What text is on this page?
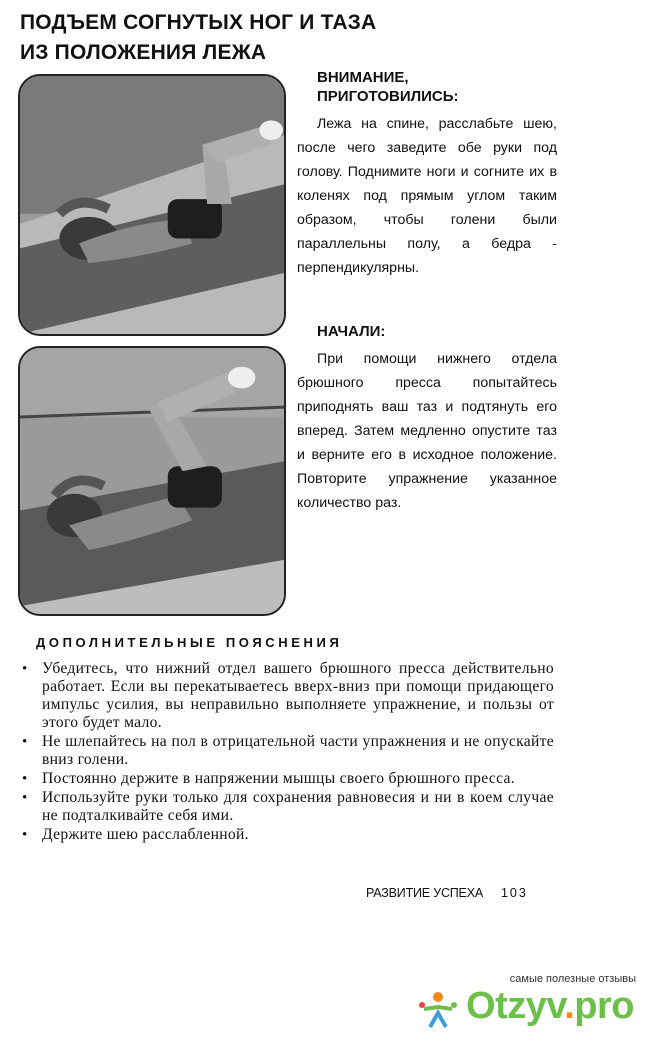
ПОДЪЕМ СОГНУТЫХ НОГ И ТАЗА
ИЗ ПОЛОЖЕНИЯ ЛЕЖА
ВНИМАНИЕ,
ПРИГОТОВИЛИСЬ:

Лежа на спине, расслабьте шею, после чего заведите обе руки под голову. Поднимите ноги и согните их в коленях под прямым углом таким образом, чтобы голени были параллельны полу, а бедра - перпендикулярны.

НАЧАЛИ:

При помощи нижнего отдела брюшного пресса попытайтесь приподнять ваш таз и подтянуть его вперед. Затем медленно опустите таз и верните его в исходное положение. Повторите упражнение указанное количество раз.

ДОПОЛНИТЕЛЬНЫЕ ПОЯСНЕНИЯ
• Убедитесь, что нижний отдел вашего брюшного пресса действительно работает. Если вы перекатываетесь вверх-вниз при помощи придающего импульс усилия, вы неправильно выполняете упражнение, и пользы от этого будет мало.
• Не шлепайтесь на пол в отрицательной части упражнения и не опускайте вниз голени.
• Постоянно держите в напряжении мышцы своего брюшного пресса.
• Используйте руки только для сохранения равновесия и ни в коем случае не подталкивайте себя ими.
• Держите шею расслабленной.
РАЗВИТИЕ УСПЕХА 103
самые полезные отзывы
Otzyv.pro
